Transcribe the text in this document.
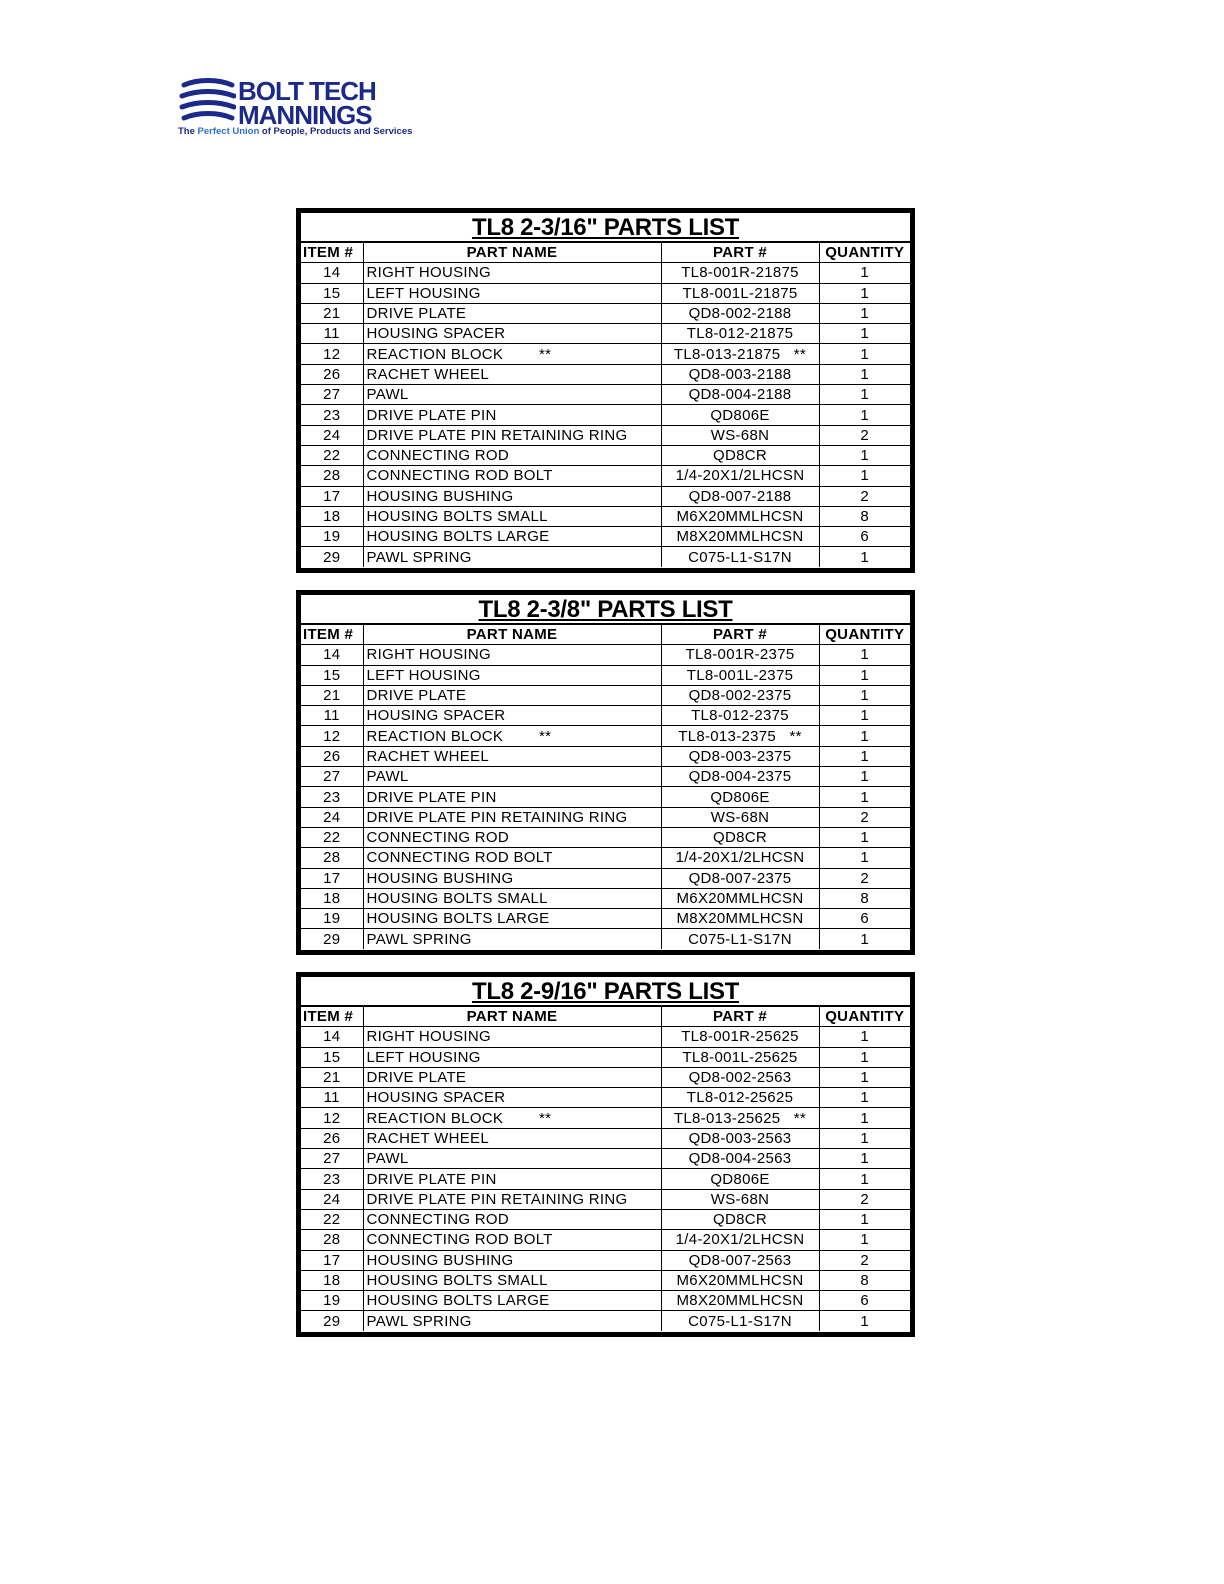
BOLT TECH
MANNINGS
The Perfect Union of People, Products and Services
TL8 2-3/16" PARTS LIST
ITEM #	PART NAME	PART #	QUANTITY
14	RIGHT HOUSING	TL8-001R-21875	1
15	LEFT HOUSING	TL8-001L-21875	1
21	DRIVE PLATE	QD8-002-2188	1
11	HOUSING SPACER	TL8-012-21875	1
12	REACTION BLOCK        **	TL8-013-21875   **	1
26	RACHET WHEEL	QD8-003-2188	1
27	PAWL	QD8-004-2188	1
23	DRIVE PLATE PIN	QD806E	1
24	DRIVE PLATE PIN RETAINING RING	WS-68N	2
22	CONNECTING ROD	QD8CR	1
28	CONNECTING ROD BOLT	1/4-20X1/2LHCSN	1
17	HOUSING BUSHING	QD8-007-2188	2
18	HOUSING BOLTS SMALL	M6X20MMLHCSN	8
19	HOUSING BOLTS LARGE	M8X20MMLHCSN	6
29	PAWL SPRING	C075-L1-S17N	1
TL8 2-3/8" PARTS LIST
ITEM #	PART NAME	PART #	QUANTITY
14	RIGHT HOUSING	TL8-001R-2375	1
15	LEFT HOUSING	TL8-001L-2375	1
21	DRIVE PLATE	QD8-002-2375	1
11	HOUSING SPACER	TL8-012-2375	1
12	REACTION BLOCK        **	TL8-013-2375   **	1
26	RACHET WHEEL	QD8-003-2375	1
27	PAWL	QD8-004-2375	1
23	DRIVE PLATE PIN	QD806E	1
24	DRIVE PLATE PIN RETAINING RING	WS-68N	2
22	CONNECTING ROD	QD8CR	1
28	CONNECTING ROD BOLT	1/4-20X1/2LHCSN	1
17	HOUSING BUSHING	QD8-007-2375	2
18	HOUSING BOLTS SMALL	M6X20MMLHCSN	8
19	HOUSING BOLTS LARGE	M8X20MMLHCSN	6
29	PAWL SPRING	C075-L1-S17N	1
TL8 2-9/16" PARTS LIST
ITEM #	PART NAME	PART #	QUANTITY
14	RIGHT HOUSING	TL8-001R-25625	1
15	LEFT HOUSING	TL8-001L-25625	1
21	DRIVE PLATE	QD8-002-2563	1
11	HOUSING SPACER	TL8-012-25625	1
12	REACTION BLOCK        **	TL8-013-25625   **	1
26	RACHET WHEEL	QD8-003-2563	1
27	PAWL	QD8-004-2563	1
23	DRIVE PLATE PIN	QD806E	1
24	DRIVE PLATE PIN RETAINING RING	WS-68N	2
22	CONNECTING ROD	QD8CR	1
28	CONNECTING ROD BOLT	1/4-20X1/2LHCSN	1
17	HOUSING BUSHING	QD8-007-2563	2
18	HOUSING BOLTS SMALL	M6X20MMLHCSN	8
19	HOUSING BOLTS LARGE	M8X20MMLHCSN	6
29	PAWL SPRING	C075-L1-S17N	1
